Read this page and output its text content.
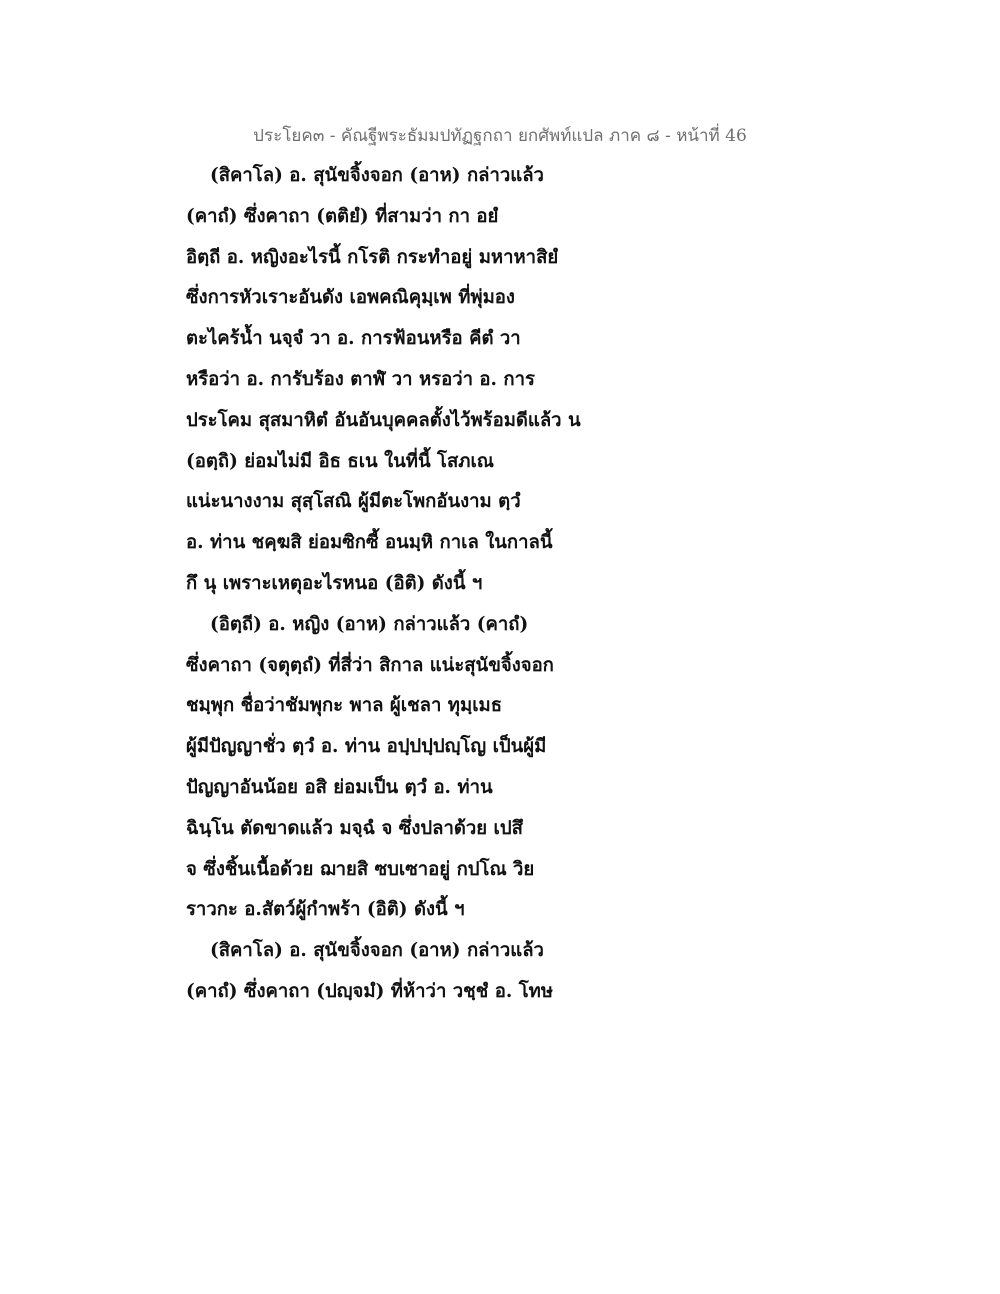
ประโยค๓ - คัณฐีพระธัมมปทัฏฐกถา ยกศัพท์แปล ภาค ๘ - หน้าที่ 46
(สิคาโล) อ. สุนัขจิ้งจอก (อาห) กล่าวแล้ว
(คาถํ) ซึ่งคาถา (ตติยํ) ที่สามว่า กา อยํ
อิตฺถี อ. หญิงอะไรนี้ กโรติ กระทำอยู่ มหาหาสิยํ
ซึ่งการหัวเราะอันดัง เอพคณิคุมฺเพ ที่พุ่มอง
ตะไคร้น้ำ นจฺจํ วา อ. การฟ้อนหรือ คีตํ วา
หรือว่า อ. การับร้อง ตาฬํ วา หรอว่า อ. การ
ประโคม สุสมาหิตํ อันอันบุคคลตั้งไว้พร้อมดีแล้ว น
(อตฺถิ) ย่อมไม่มี อิธ ธเน ในที่นี้ โสภเณ
แน่ะนางงาม สุสฺโสณิ ผู้มีตะโพกอันงาม ตฺวํ
อ. ท่าน ชคฺฆสิ ย่อมซิกซี้ อนมฺหิ กาเล ในกาลนี้
กึ นุ เพราะเหตุอะไรหนอ (อิติ) ดังนี้ ฯ
(อิตฺถี) อ. หญิง (อาห) กล่าวแล้ว (คาถํ)
ซึ่งคาถา (จตุตฺถํ) ที่สี่ว่า สิกาล แน่ะสุนัขจิ้งจอก
ชมฺพุก ชื่อว่าชัมพุกะ พาล ผู้เชลา ทุมฺเมธ
ผู้มีปัญญาชั่ว ตฺวํ อ. ท่าน อปฺปปฺปญฺโญ เป็นผู้มี
ปัญญาอันน้อย อสิ ย่อมเป็น ตฺวํ อ. ท่าน
ฉินฺโน ตัดขาดแล้ว มจฺฉํ จ ซึ่งปลาด้วย เปสึ
จ ซึ่งชิ้นเนื้อด้วย ฌายสิ ซบเซาอยู่ กปโณ วิย
ราวกะ อ.สัตว์ผู้กำพร้า (อิติ) ดังนี้ ฯ
(สิคาโล) อ. สุนัขจิ้งจอก (อาห) กล่าวแล้ว
(คาถํ) ซึ่งคาถา (ปญฺจมํ) ที่ห้าว่า วชฺชํ อ. โทษ
